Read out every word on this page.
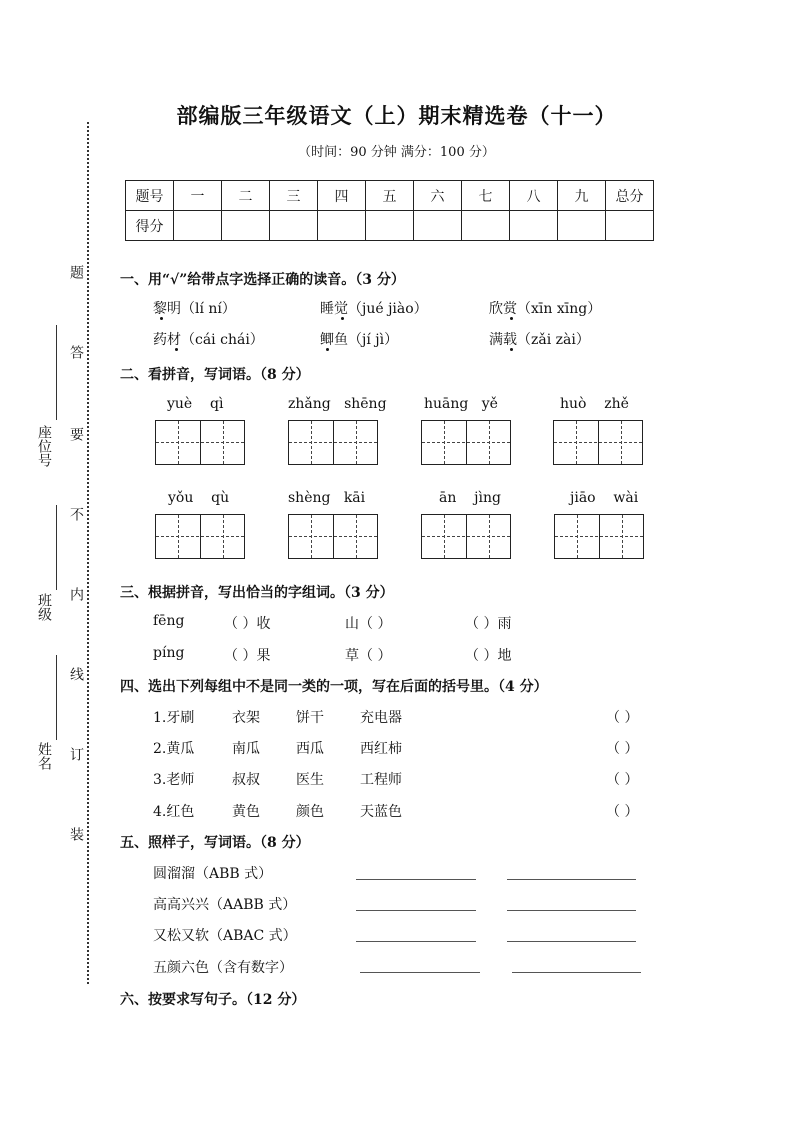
部编版三年级语文（上）期末精选卷（十一）
（时间：90 分钟 满分：100 分）
题号	一	二	三	四	五	六	七	八	九	总分
得分										
一、用“√”给带点字选择正确的读音。（3 分）
黎明（lí ní）	睡觉（jué jiào）	欣赏（xīn xīng）
药材（cái chái）	鲫鱼（jí jì）	满载（zǎi zài）
二、看拼音，写词语。（8 分）
yuè    qì	zhǎng   shēng	huāng   yě	huò    zhě
yǒu    qù	shèng   kāi	ān    jìng	jiāo    wài
三、根据拼音，写出恰当的字组词。（3 分）
fēng	（ ）收	山（ ）	（ ）雨
píng	（ ）果	草（ ）	（ ）地
四、选出下列每组中不是同一类的一项，写在后面的括号里。（4 分）
1.牙刷	衣架	饼干	充电器	（ ）
2.黄瓜	南瓜	西瓜	西红柿	（ ）
3.老师	叔叔	医生	工程师	（ ）
4.红色	黄色	颜色	天蓝色	（ ）
五、照样子，写词语。（8 分）
圆溜溜（ABB 式）
高高兴兴（AABB 式）
又松又软（ABAC 式）
五颜六色（含有数字）
六、按要求写句子。（12 分）
题
答
要
不
内
线
订
装
座位号
班级
姓名
